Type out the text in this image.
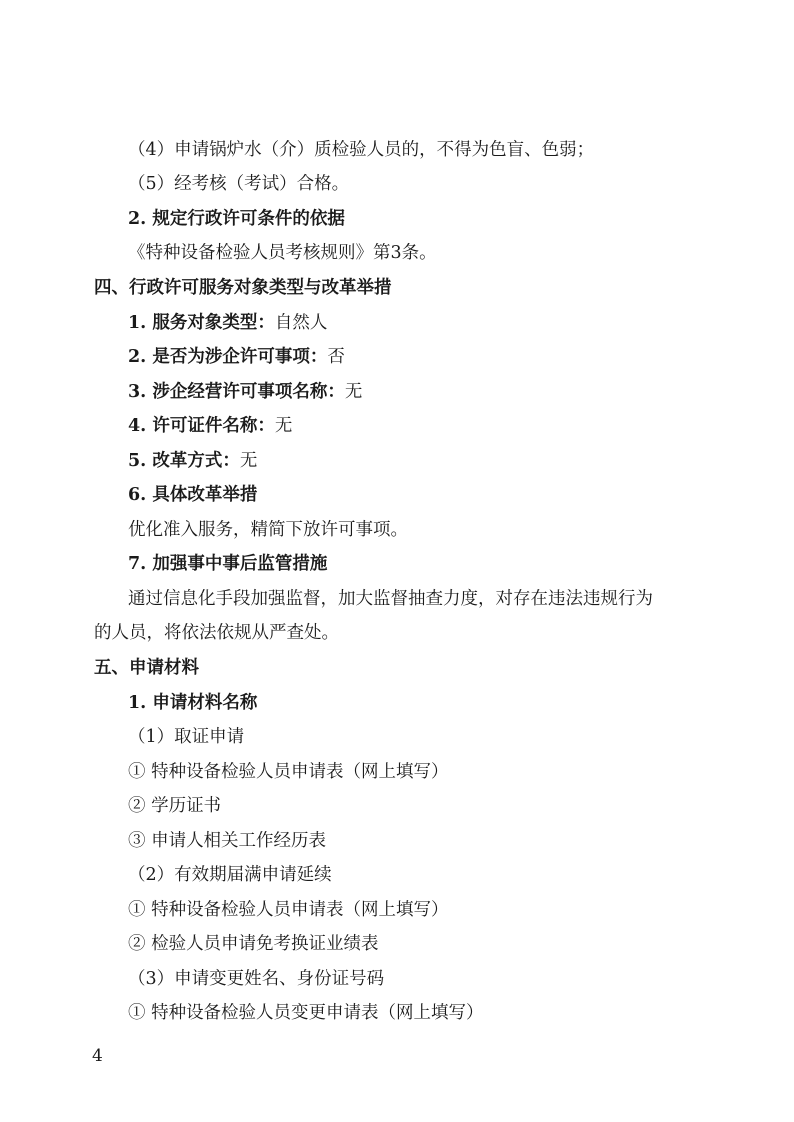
（4）申请锅炉水（介）质检验人员的，不得为色盲、色弱；
（5）经考核（考试）合格。
2. 规定行政许可条件的依据
《特种设备检验人员考核规则》第3条。
四、行政许可服务对象类型与改革举措
1. 服务对象类型：自然人
2. 是否为涉企许可事项：否
3. 涉企经营许可事项名称：无
4. 许可证件名称：无
5. 改革方式：无
6. 具体改革举措
优化准入服务，精简下放许可事项。
7. 加强事中事后监管措施
通过信息化手段加强监督，加大监督抽查力度，对存在违法违规行为
的人员，将依法依规从严查处。
五、申请材料
1. 申请材料名称
（1）取证申请
① 特种设备检验人员申请表（网上填写）
② 学历证书
③ 申请人相关工作经历表
（2）有效期届满申请延续
① 特种设备检验人员申请表（网上填写）
② 检验人员申请免考换证业绩表
（3）申请变更姓名、身份证号码
① 特种设备检验人员变更申请表（网上填写）
4
